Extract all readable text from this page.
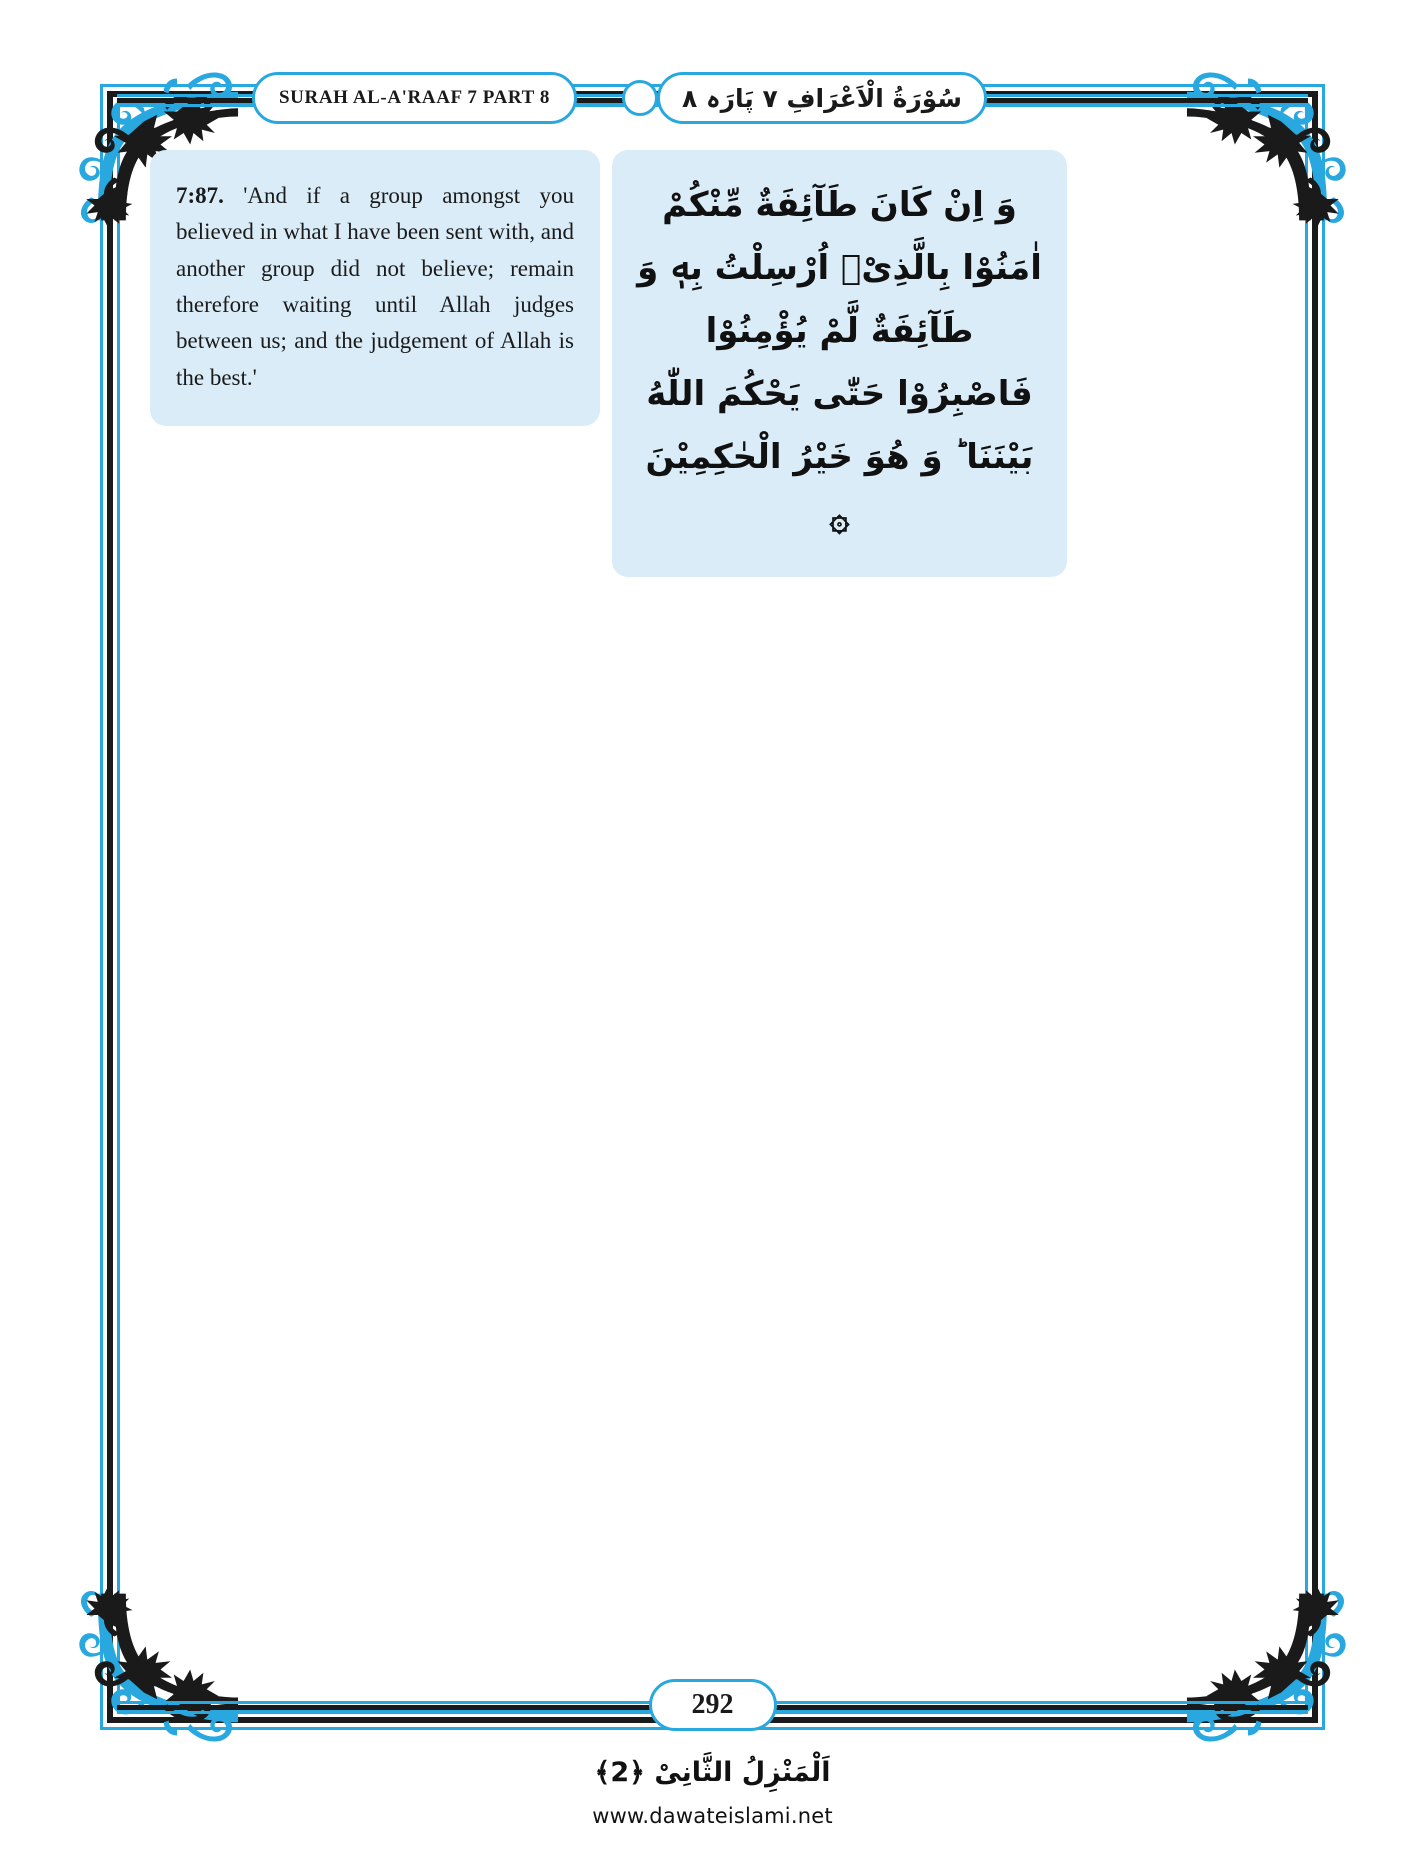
SURAH AL-A'RAAF 7 PART 8	سُوْرَةُ الْاَعْرَافِ ٧ پَارَہ ٨

7:87. 'And if a group amongst you believed in what I have been sent with, and another group did not believe; remain therefore waiting until Allah judges between us; and the judgement of Allah is the best.'

وَ اِنْ كَانَ طَآئِفَةٌ مِّنْكُمْ اٰمَنُوْا بِالَّذِیْۤ اُرْسِلْتُ بِهٖ وَ طَآئِفَةٌ لَّمْ یُؤْمِنُوْا فَاصْبِرُوْا حَتّٰى یَحْكُمَ اللّٰهُ بَیْنَنَا ؕ وَ هُوَ خَیْرُ الْحٰكِمِیْنَ ۞

292
اَلْمَنْزِلُ الثَّانِیْ ﴿2﴾
www.dawateislami.net
